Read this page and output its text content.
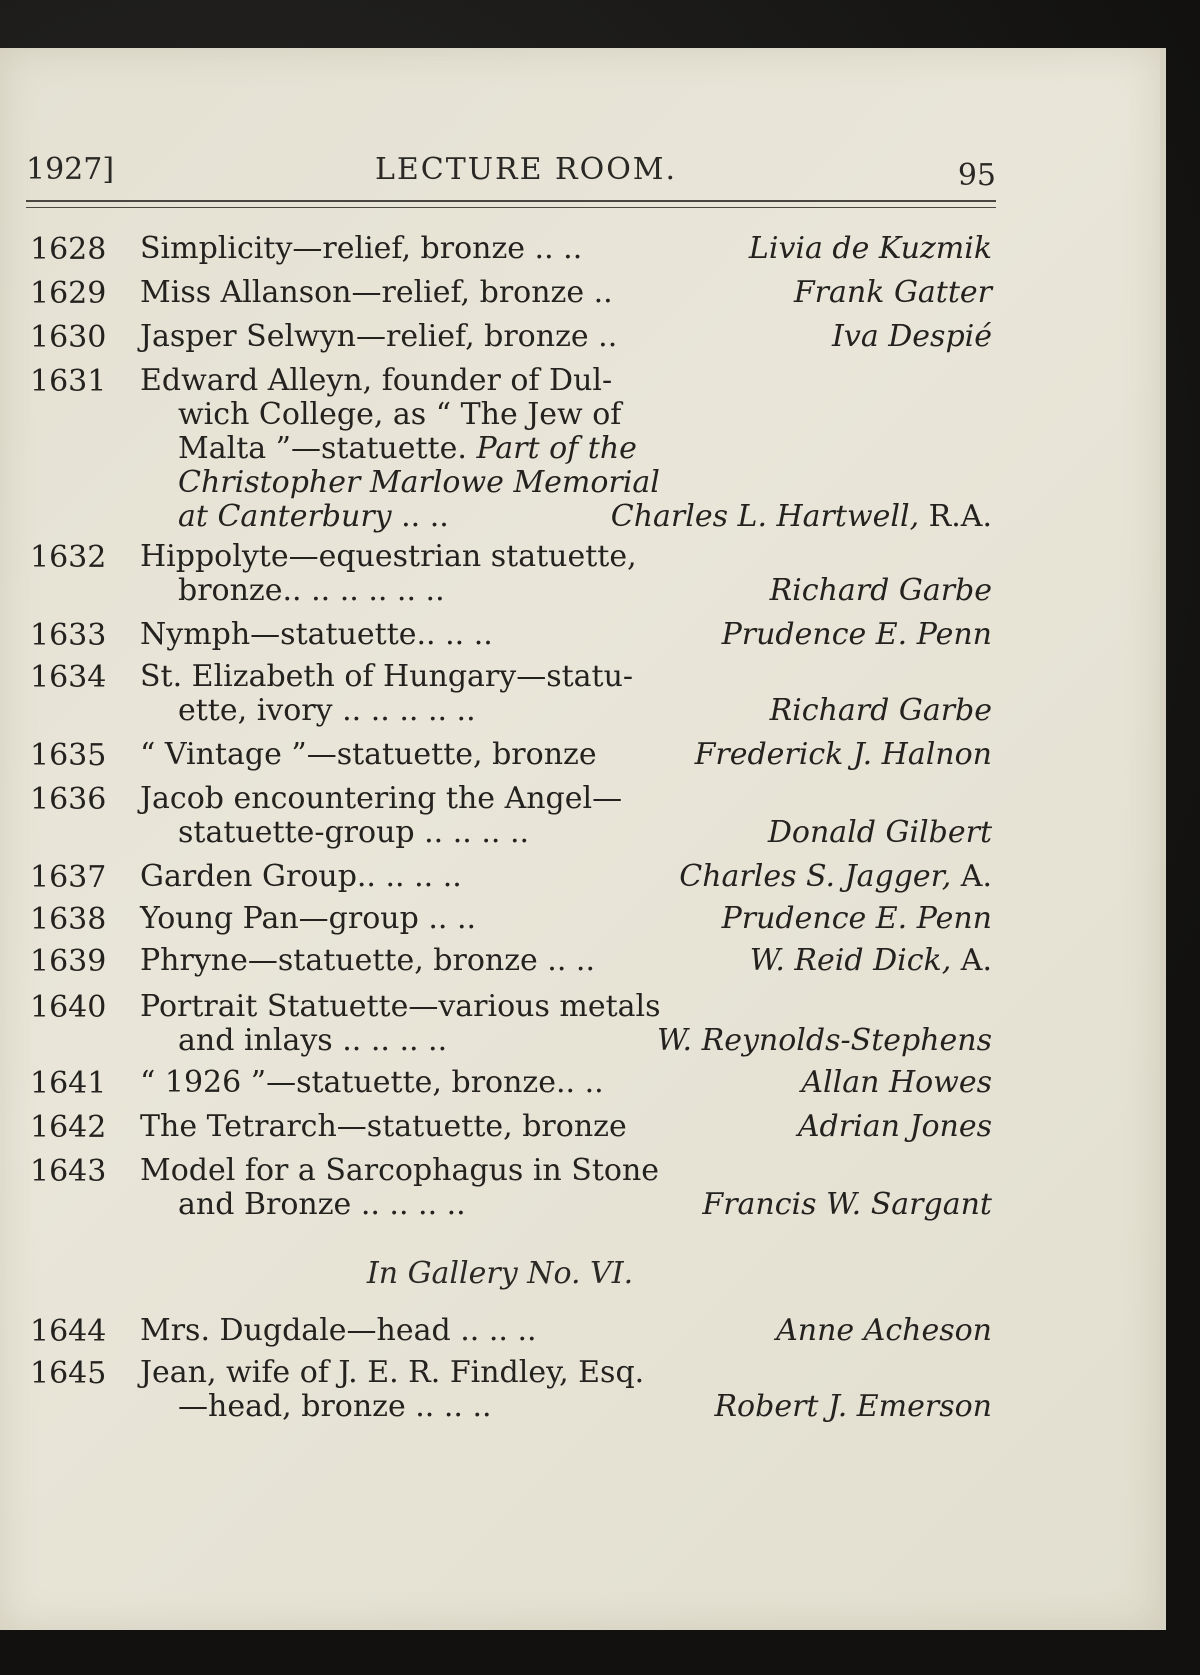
1927]	LECTURE ROOM.	95
1628	Simplicity—relief, bronze .. ..	Livia de Kuzmik
1629	Miss Allanson—relief, bronze ..	Frank Gatter
1630	Jasper Selwyn—relief, bronze ..	Iva Despié
1631	Edward Alleyn, founder of Dul-
wich College, as “ The Jew of
Malta ”—statuette. Part of the
Christopher Marlowe Memorial
at Canterbury .. ..	Charles L. Hartwell, R.A.
1632	Hippolyte—equestrian statuette,
bronze.. .. .. .. .. ..	Richard Garbe
1633	Nymph—statuette.. .. ..	Prudence E. Penn
1634	St. Elizabeth of Hungary—statu-
ette, ivory .. .. .. .. ..	Richard Garbe
1635	“ Vintage ”—statuette, bronze	Frederick J. Halnon
1636	Jacob encountering the Angel—
statuette-group .. .. .. ..	Donald Gilbert
1637	Garden Group.. .. .. ..	Charles S. Jagger, A.
1638	Young Pan—group .. ..	Prudence E. Penn
1639	Phryne—statuette, bronze .. ..	W. Reid Dick, A.
1640	Portrait Statuette—various metals
and inlays .. .. .. ..	W. Reynolds-Stephens
1641	“ 1926 ”—statuette, bronze.. ..	Allan Howes
1642	The Tetrarch—statuette, bronze	Adrian Jones
1643	Model for a Sarcophagus in Stone
and Bronze .. .. .. ..	Francis W. Sargant
In Gallery No. VI.
1644	Mrs. Dugdale—head .. .. ..	Anne Acheson
1645	Jean, wife of J. E. R. Findley, Esq.
—head, bronze .. .. ..	Robert J. Emerson
